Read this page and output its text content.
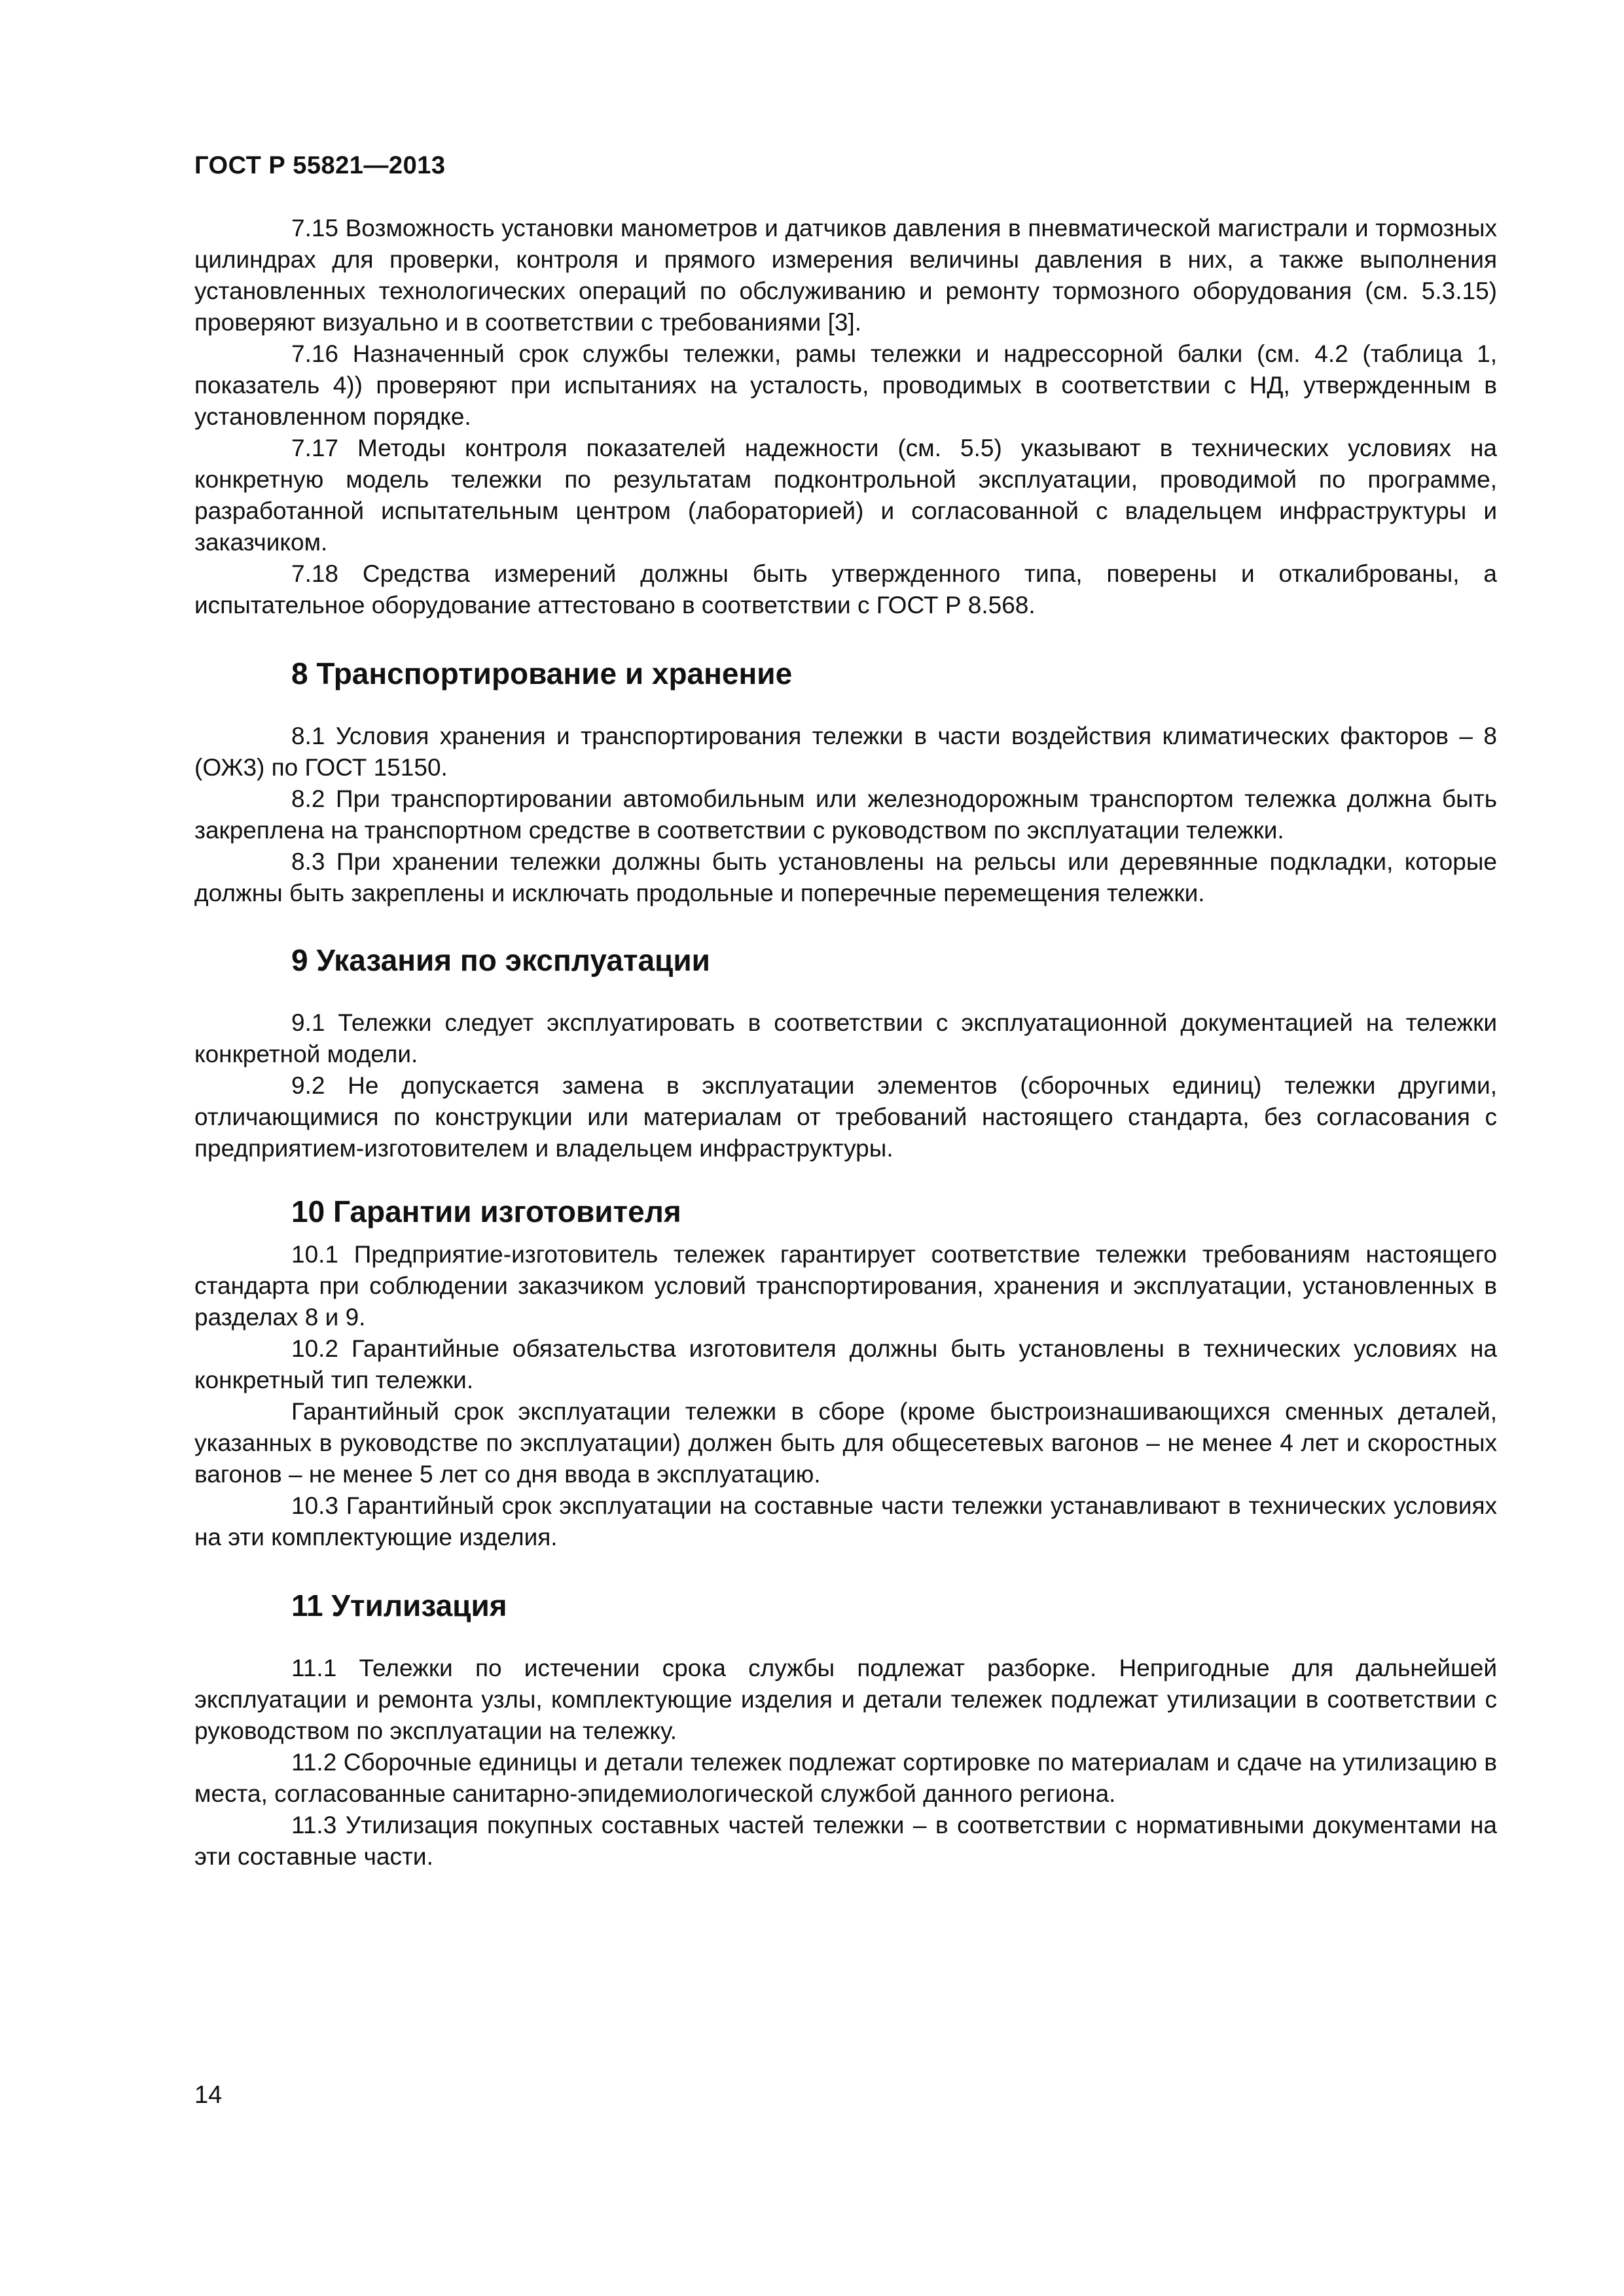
ГОСТ Р 55821—2013

7.15 Возможность установки манометров и датчиков давления в пневматической магистрали и тормозных цилиндрах для проверки, контроля и прямого измерения величины давления в них, а также выполнения установленных технологических операций по обслуживанию и ремонту тормозного оборудования (см. 5.3.15) проверяют визуально и в соответствии с требованиями [3].

7.16 Назначенный срок службы тележки, рамы тележки и надрессорной балки (см. 4.2 (таблица 1, показатель 4)) проверяют при испытаниях на усталость, проводимых в соответствии с НД, утвержденным в установленном порядке.

7.17 Методы контроля показателей надежности (см. 5.5) указывают в технических условиях на конкретную модель тележки по результатам подконтрольной эксплуатации, проводимой по программе, разработанной испытательным центром (лабораторией) и согласованной с владельцем инфраструктуры и заказчиком.

7.18 Средства измерений должны быть утвержденного типа, поверены и откалиброваны, а испытательное оборудование аттестовано в соответствии с ГОСТ Р 8.568.

8 Транспортирование и хранение

8.1 Условия хранения и транспортирования тележки в части воздействия климатических факторов – 8 (ОЖ3) по ГОСТ 15150.

8.2 При транспортировании автомобильным или железнодорожным транспортом тележка должна быть закреплена на транспортном средстве в соответствии с руководством по эксплуатации тележки.

8.3 При хранении тележки должны быть установлены на рельсы или деревянные подкладки, которые должны быть закреплены и исключать продольные и поперечные перемещения тележки.

9 Указания по эксплуатации

9.1 Тележки следует эксплуатировать в соответствии с эксплуатационной документацией на тележки конкретной модели.

9.2 Не допускается замена в эксплуатации элементов (сборочных единиц) тележки другими, отличающимися по конструкции или материалам от требований настоящего стандарта, без согласования с предприятием-изготовителем и владельцем инфраструктуры.

10 Гарантии изготовителя

10.1 Предприятие-изготовитель тележек гарантирует соответствие тележки требованиям настоящего стандарта при соблюдении заказчиком условий транспортирования, хранения и эксплуатации, установленных в разделах 8 и 9.

10.2 Гарантийные обязательства изготовителя должны быть установлены в технических условиях на конкретный тип тележки.

Гарантийный срок эксплуатации тележки в сборе (кроме быстроизнашивающихся сменных деталей, указанных в руководстве по эксплуатации) должен быть для общесетевых вагонов – не менее 4 лет и скоростных вагонов – не менее 5 лет со дня ввода в эксплуатацию.

10.3 Гарантийный срок эксплуатации на составные части тележки устанавливают в технических условиях на эти комплектующие изделия.

11 Утилизация

11.1 Тележки по истечении срока службы подлежат разборке. Непригодные для дальнейшей эксплуатации и ремонта узлы, комплектующие изделия и детали тележек подлежат утилизации в соответствии с руководством по эксплуатации на тележку.

11.2 Сборочные единицы и детали тележек подлежат сортировке по материалам и сдаче на утилизацию в места, согласованные санитарно-эпидемиологической службой данного региона.

11.3 Утилизация покупных составных частей тележки – в соответствии с нормативными документами на эти составные части.

14
